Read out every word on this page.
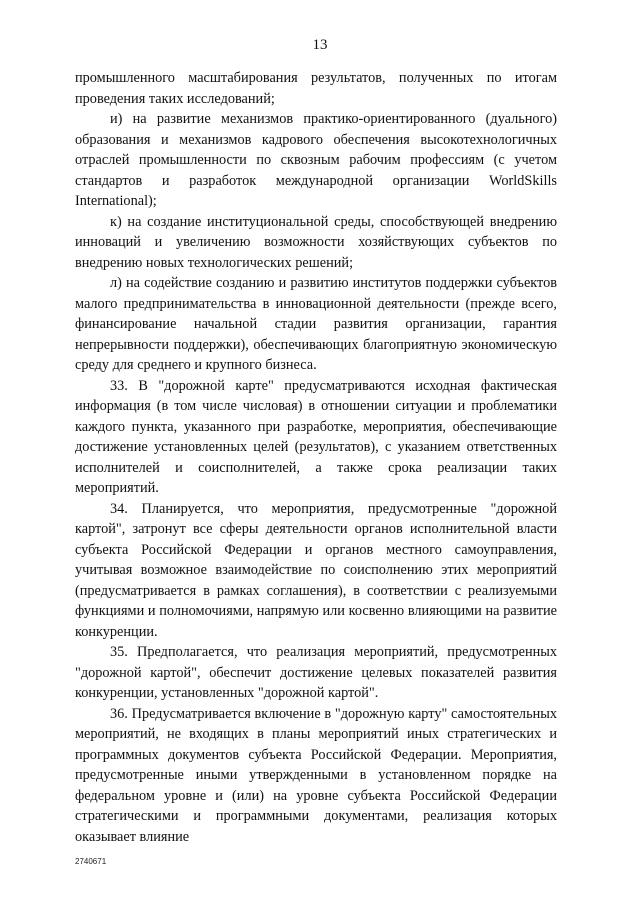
13

промышленного масштабирования результатов, полученных по итогам проведения таких исследований;

и) на развитие механизмов практико-ориентированного (дуального) образования и механизмов кадрового обеспечения высокотехнологичных отраслей промышленности по сквозным рабочим профессиям (с учетом стандартов и разработок международной организации WorldSkills International);

к) на создание институциональной среды, способствующей внедрению инноваций и увеличению возможности хозяйствующих субъектов по внедрению новых технологических решений;

л) на содействие созданию и развитию институтов поддержки субъектов малого предпринимательства в инновационной деятельности (прежде всего, финансирование начальной стадии развития организации, гарантия непрерывности поддержки), обеспечивающих благоприятную экономическую среду для среднего и крупного бизнеса.

33. В "дорожной карте" предусматриваются исходная фактическая информация (в том числе числовая) в отношении ситуации и проблематики каждого пункта, указанного при разработке, мероприятия, обеспечивающие достижение установленных целей (результатов), с указанием ответственных исполнителей и соисполнителей, а также срока реализации таких мероприятий.

34. Планируется, что мероприятия, предусмотренные "дорожной картой", затронут все сферы деятельности органов исполнительной власти субъекта Российской Федерации и органов местного самоуправления, учитывая возможное взаимодействие по соисполнению этих мероприятий (предусматривается в рамках соглашения), в соответствии с реализуемыми функциями и полномочиями, напрямую или косвенно влияющими на развитие конкуренции.

35. Предполагается, что реализация мероприятий, предусмотренных "дорожной картой", обеспечит достижение целевых показателей развития конкуренции, установленных "дорожной картой".

36. Предусматривается включение в "дорожную карту" самостоятельных мероприятий, не входящих в планы мероприятий иных стратегических и программных документов субъекта Российской Федерации. Мероприятия, предусмотренные иными утвержденными в установленном порядке на федеральном уровне и (или) на уровне субъекта Российской Федерации стратегическими и программными документами, реализация которых оказывает влияние

2740671
